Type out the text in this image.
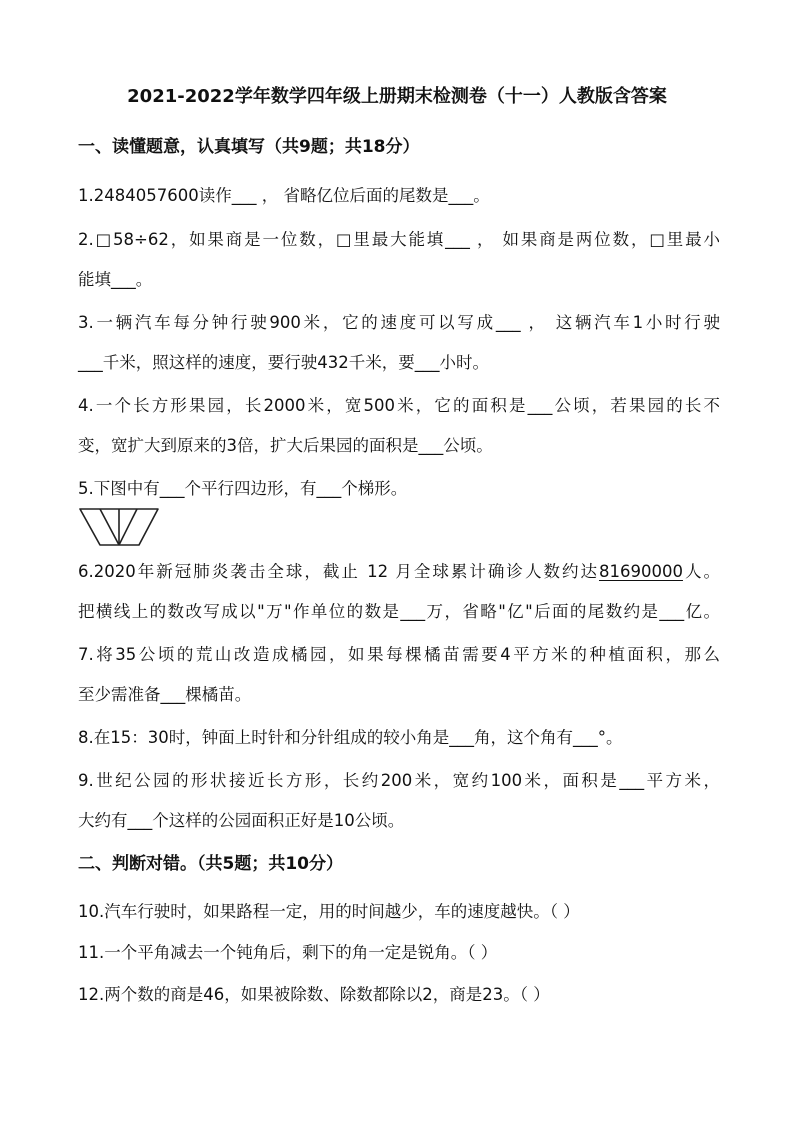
2021-2022学年数学四年级上册期末检测卷（十一）人教版含答案
一、读懂题意，认真填写（共9题；共18分）
1.2484057600读作___ ， 省略亿位后面的尾数是___。
2.□58÷62，如果商是一位数，□里最大能填___ ， 如果商是两位数，□里最小
能填___。
3.一辆汽车每分钟行驶900米，它的速度可以写成___ ， 这辆汽车1小时行驶
___千米，照这样的速度，要行驶432千米，要___小时。
4.一个长方形果园，长2000米，宽500米，它的面积是___公顷，若果园的长不
变，宽扩大到原来的3倍，扩大后果园的面积是___公顷。
5.下图中有___个平行四边形，有___个梯形。
6.2020年新冠肺炎袭击全球，截止 12 月全球累计确诊人数约达81690000人。
把横线上的数改写成以"万"作单位的数是___万，省略"亿"后面的尾数约是___亿。
7.将35公顷的荒山改造成橘园，如果每棵橘苗需要4平方米的种植面积，那么
至少需准备___棵橘苗。
8.在15：30时，钟面上时针和分针组成的较小角是___角，这个角有___°。
9.世纪公园的形状接近长方形，长约200米，宽约100米，面积是___平方米，
大约有___个这样的公园面积正好是10公顷。
二、判断对错。（共5题；共10分）
10.汽车行驶时，如果路程一定，用的时间越少，车的速度越快。（ ）
11.一个平角减去一个钝角后，剩下的角一定是锐角。（ ）
12.两个数的商是46，如果被除数、除数都除以2，商是23。（ ）
